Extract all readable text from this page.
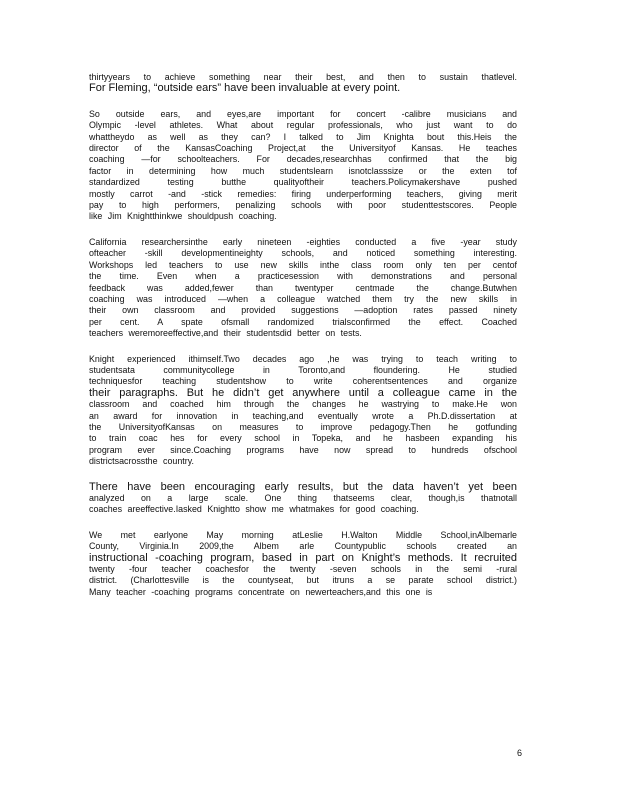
thirtyyears to achieve something near their best, and then to sustain thatlevel.
For Fleming, “outside ears” have been invaluable at every point.
So outside ears, and eyes,are important for concert -calibre musicians and
Olympic -level athletes. What about regular professionals, who just want to do
whattheydo as well as they can? I talked to Jim Knighta bout this.Heis the
director of the KansasCoaching Project,at the Universityof Kansas. He teaches
coaching —for schoolteachers. For decades,researchhas confirmed that the big
factor in determining how much studentslearn isnotclasssize or the exten tof
standardized testing butthe qualityoftheir teachers.Policymakershave pushed
mostly carrot -and -stick remedies: firing underperforming teachers, giving merit
pay to high performers, penalizing schools with poor studenttestscores. People
like Jim Knightthinkwe shouldpush coaching.
California researchersinthe early nineteen -eighties conducted a five -year study
ofteacher -skill developmentineighty schools, and noticed something interesting.
Workshops led teachers to use new skills inthe class room only ten per centof
the time. Even when a practicesession with demonstrations and personal
feedback was added,fewer than twentyper centmade the change.Butwhen
coaching was introduced —when a colleague watched them try the new skills in
their own classroom and provided suggestions —adoption rates passed ninety
per cent. A spate ofsmall randomized trialsconfirmed the effect. Coached
teachers weremoreeffective,and their studentsdid better on tests.
Knight experienced ithimself.Two decades ago ,he was trying to teach writing to
studentsata communitycollege in Toronto,and floundering. He studied
techniquesfor teaching studentshow to write coherentsentences and organize
their paragraphs. But he didn’t get anywhere until a colleague came in the
classroom and coached him through the changes he wastrying to make.He won
an award for innovation in teaching,and eventually wrote a Ph.D.dissertation at
the UniversityofKansas on measures to improve pedagogy.Then he gotfunding
to train coac hes for every school in Topeka, and he hasbeen expanding his
program ever since.Coaching programs have now spread to hundreds ofschool
districtsacrossthe country.
There have been encouraging early results, but the data haven’t yet been
analyzed on a large scale. One thing thatseems clear, though,is thatnotall
coaches areeffective.Iasked Knightto show me whatmakes for good coaching.
We met earlyone May morning atLeslie H.Walton Middle School,inAlbemarle
County, Virginia.In 2009,the Albem arle Countypublic schools created an
instructional -coaching program, based in part on Knight’s methods. It recruited
twenty -four teacher coachesfor the twenty -seven schools in the semi -rural
district. (Charlottesville is the countyseat, but itruns a se parate school district.)
Many teacher -coaching programs concentrate on newerteachers,and this one is
6
